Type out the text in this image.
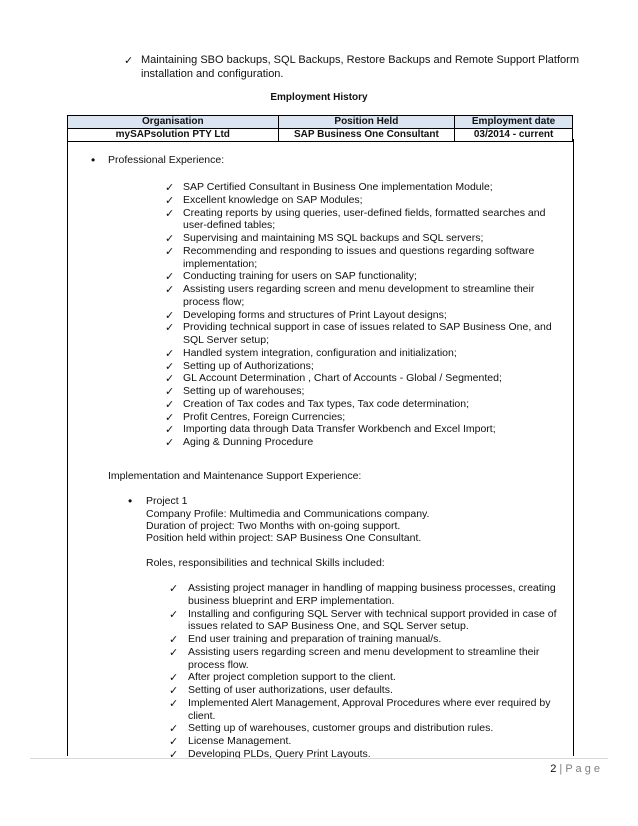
✓ Maintaining SBO backups, SQL Backups, Restore Backups and Remote Support Platform installation and configuration.
Employment History
Organisation	Position Held	Employment date
mySAPsolution PTY Ltd	SAP Business One Consultant	03/2014 - current
• Professional Experience:
✓ SAP Certified Consultant in Business One implementation Module;
✓ Excellent knowledge on SAP Modules;
✓ Creating reports by using queries, user-defined fields, formatted searches and
user-defined tables;
✓ Supervising and maintaining MS SQL backups and SQL servers;
✓ Recommending and responding to issues and questions regarding software
implementation;
✓ Conducting training for users on SAP functionality;
✓ Assisting users regarding screen and menu development to streamline their
process flow;
✓ Developing forms and structures of Print Layout designs;
✓ Providing technical support in case of issues related to SAP Business One, and
SQL Server setup;
✓ Handled system integration, configuration and initialization;
✓ Setting up of Authorizations;
✓ GL Account Determination , Chart of Accounts - Global / Segmented;
✓ Setting up of warehouses;
✓ Creation of Tax codes and Tax types, Tax code determination;
✓ Profit Centres, Foreign Currencies;
✓ Importing data through Data Transfer Workbench and Excel Import;
✓ Aging & Dunning Procedure
Implementation and Maintenance Support Experience:
• Project 1
Company Profile: Multimedia and Communications company.
Duration of project: Two Months with on-going support.
Position held within project: SAP Business One Consultant.
Roles, responsibilities and technical Skills included:
✓ Assisting project manager in handling of mapping business processes, creating
business blueprint and ERP implementation.
✓ Installing and configuring SQL Server with technical support provided in case of
issues related to SAP Business One, and SQL Server setup.
✓ End user training and preparation of training manual/s.
✓ Assisting users regarding screen and menu development to streamline their
process flow.
✓ After project completion support to the client.
✓ Setting of user authorizations, user defaults.
✓ Implemented Alert Management, Approval Procedures where ever required by
client.
✓ Setting up of warehouses, customer groups and distribution rules.
✓ License Management.
✓ Developing PLDs, Query Print Layouts.
2 | P a g e
